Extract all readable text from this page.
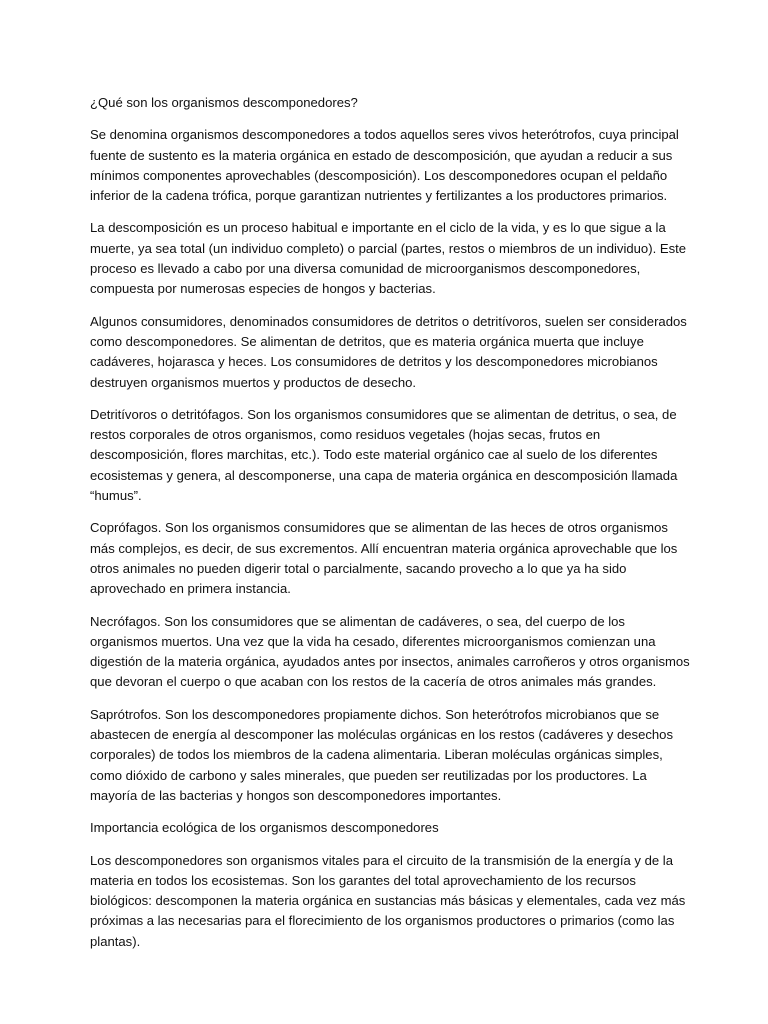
¿Qué son los organismos descomponedores?

Se denomina organismos descomponedores a todos aquellos seres vivos heterótrofos, cuya principal fuente de sustento es la materia orgánica en estado de descomposición, que ayudan a reducir a sus mínimos componentes aprovechables (descomposición). Los descomponedores ocupan el peldaño inferior de la cadena trófica, porque garantizan nutrientes y fertilizantes a los productores primarios.

La descomposición es un proceso habitual e importante en el ciclo de la vida, y es lo que sigue a la muerte, ya sea total (un individuo completo) o parcial (partes, restos o miembros de un individuo). Este proceso es llevado a cabo por una diversa comunidad de microorganismos descomponedores, compuesta por numerosas especies de hongos y bacterias.

Algunos consumidores, denominados consumidores de detritos o detritívoros, suelen ser considerados como descomponedores. Se alimentan de detritos, que es materia orgánica muerta que incluye cadáveres, hojarasca y heces. Los consumidores de detritos y los descomponedores microbianos destruyen organismos muertos y productos de desecho.

Detritívoros o detritófagos. Son los organismos consumidores que se alimentan de detritus, o sea, de restos corporales de otros organismos, como residuos vegetales (hojas secas, frutos en descomposición, flores marchitas, etc.). Todo este material orgánico cae al suelo de los diferentes ecosistemas y genera, al descomponerse, una capa de materia orgánica en descomposición llamada “humus”.

Coprófagos. Son los organismos consumidores que se alimentan de las heces de otros organismos más complejos, es decir, de sus excrementos. Allí encuentran materia orgánica aprovechable que los otros animales no pueden digerir total o parcialmente, sacando provecho a lo que ya ha sido aprovechado en primera instancia.

Necrófagos. Son los consumidores que se alimentan de cadáveres, o sea, del cuerpo de los organismos muertos. Una vez que la vida ha cesado, diferentes microorganismos comienzan una digestión de la materia orgánica, ayudados antes por insectos, animales carroñeros y otros organismos que devoran el cuerpo o que acaban con los restos de la cacería de otros animales más grandes.

Saprótrofos. Son los descomponedores propiamente dichos. Son heterótrofos microbianos que se abastecen de energía al descomponer las moléculas orgánicas en los restos (cadáveres y desechos corporales) de todos los miembros de la cadena alimentaria. Liberan moléculas orgánicas simples, como dióxido de carbono y sales minerales, que pueden ser reutilizadas por los productores. La mayoría de las bacterias y hongos son descomponedores importantes.

Importancia ecológica de los organismos descomponedores

Los descomponedores son organismos vitales para el circuito de la transmisión de la energía y de la materia en todos los ecosistemas. Son los garantes del total aprovechamiento de los recursos biológicos: descomponen la materia orgánica en sustancias más básicas y elementales, cada vez más próximas a las necesarias para el florecimiento de los organismos productores o primarios (como las plantas).
